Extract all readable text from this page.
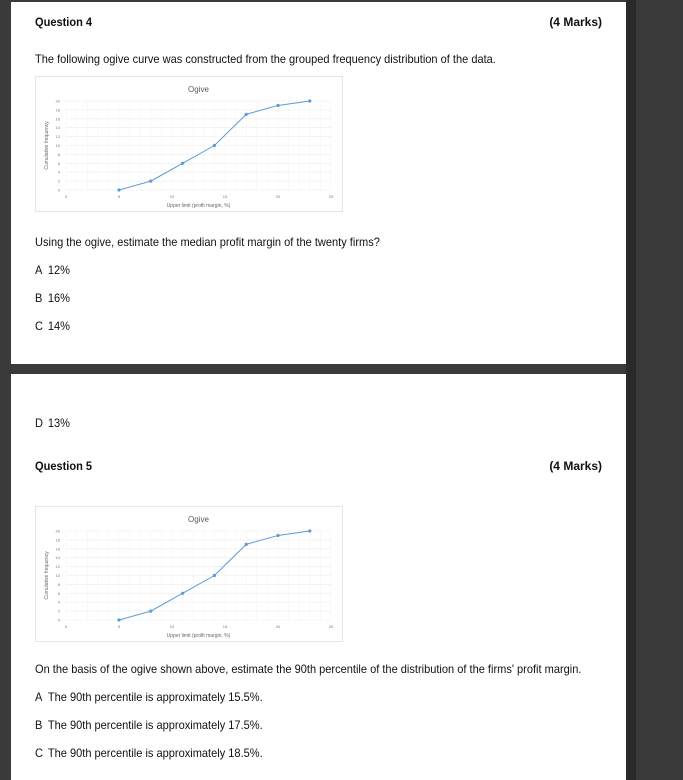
Question 4	(4 Marks)
The following ogive curve was constructed from the grouped frequency distribution of the data.
Ogive
0
2
4
6
8
10
12
14
16
18
20
0	5	10	15	20	25
Upper limit (profit margin, %)
Cumulative frequency
Using the ogive, estimate the median profit margin of the twenty firms?
A 12%
B 16%
C 14%
D 13%
Question 5	(4 Marks)
Ogive
0
2
4
6
8
10
12
14
16
18
20
0	5	10	15	20	25
Upper limit (profit margin, %)
Cumulative frequency
On the basis of the ogive shown above, estimate the 90th percentile of the distribution of the firms' profit margin.
A The 90th percentile is approximately 15.5%.
B The 90th percentile is approximately 17.5%.
C The 90th percentile is approximately 18.5%.
